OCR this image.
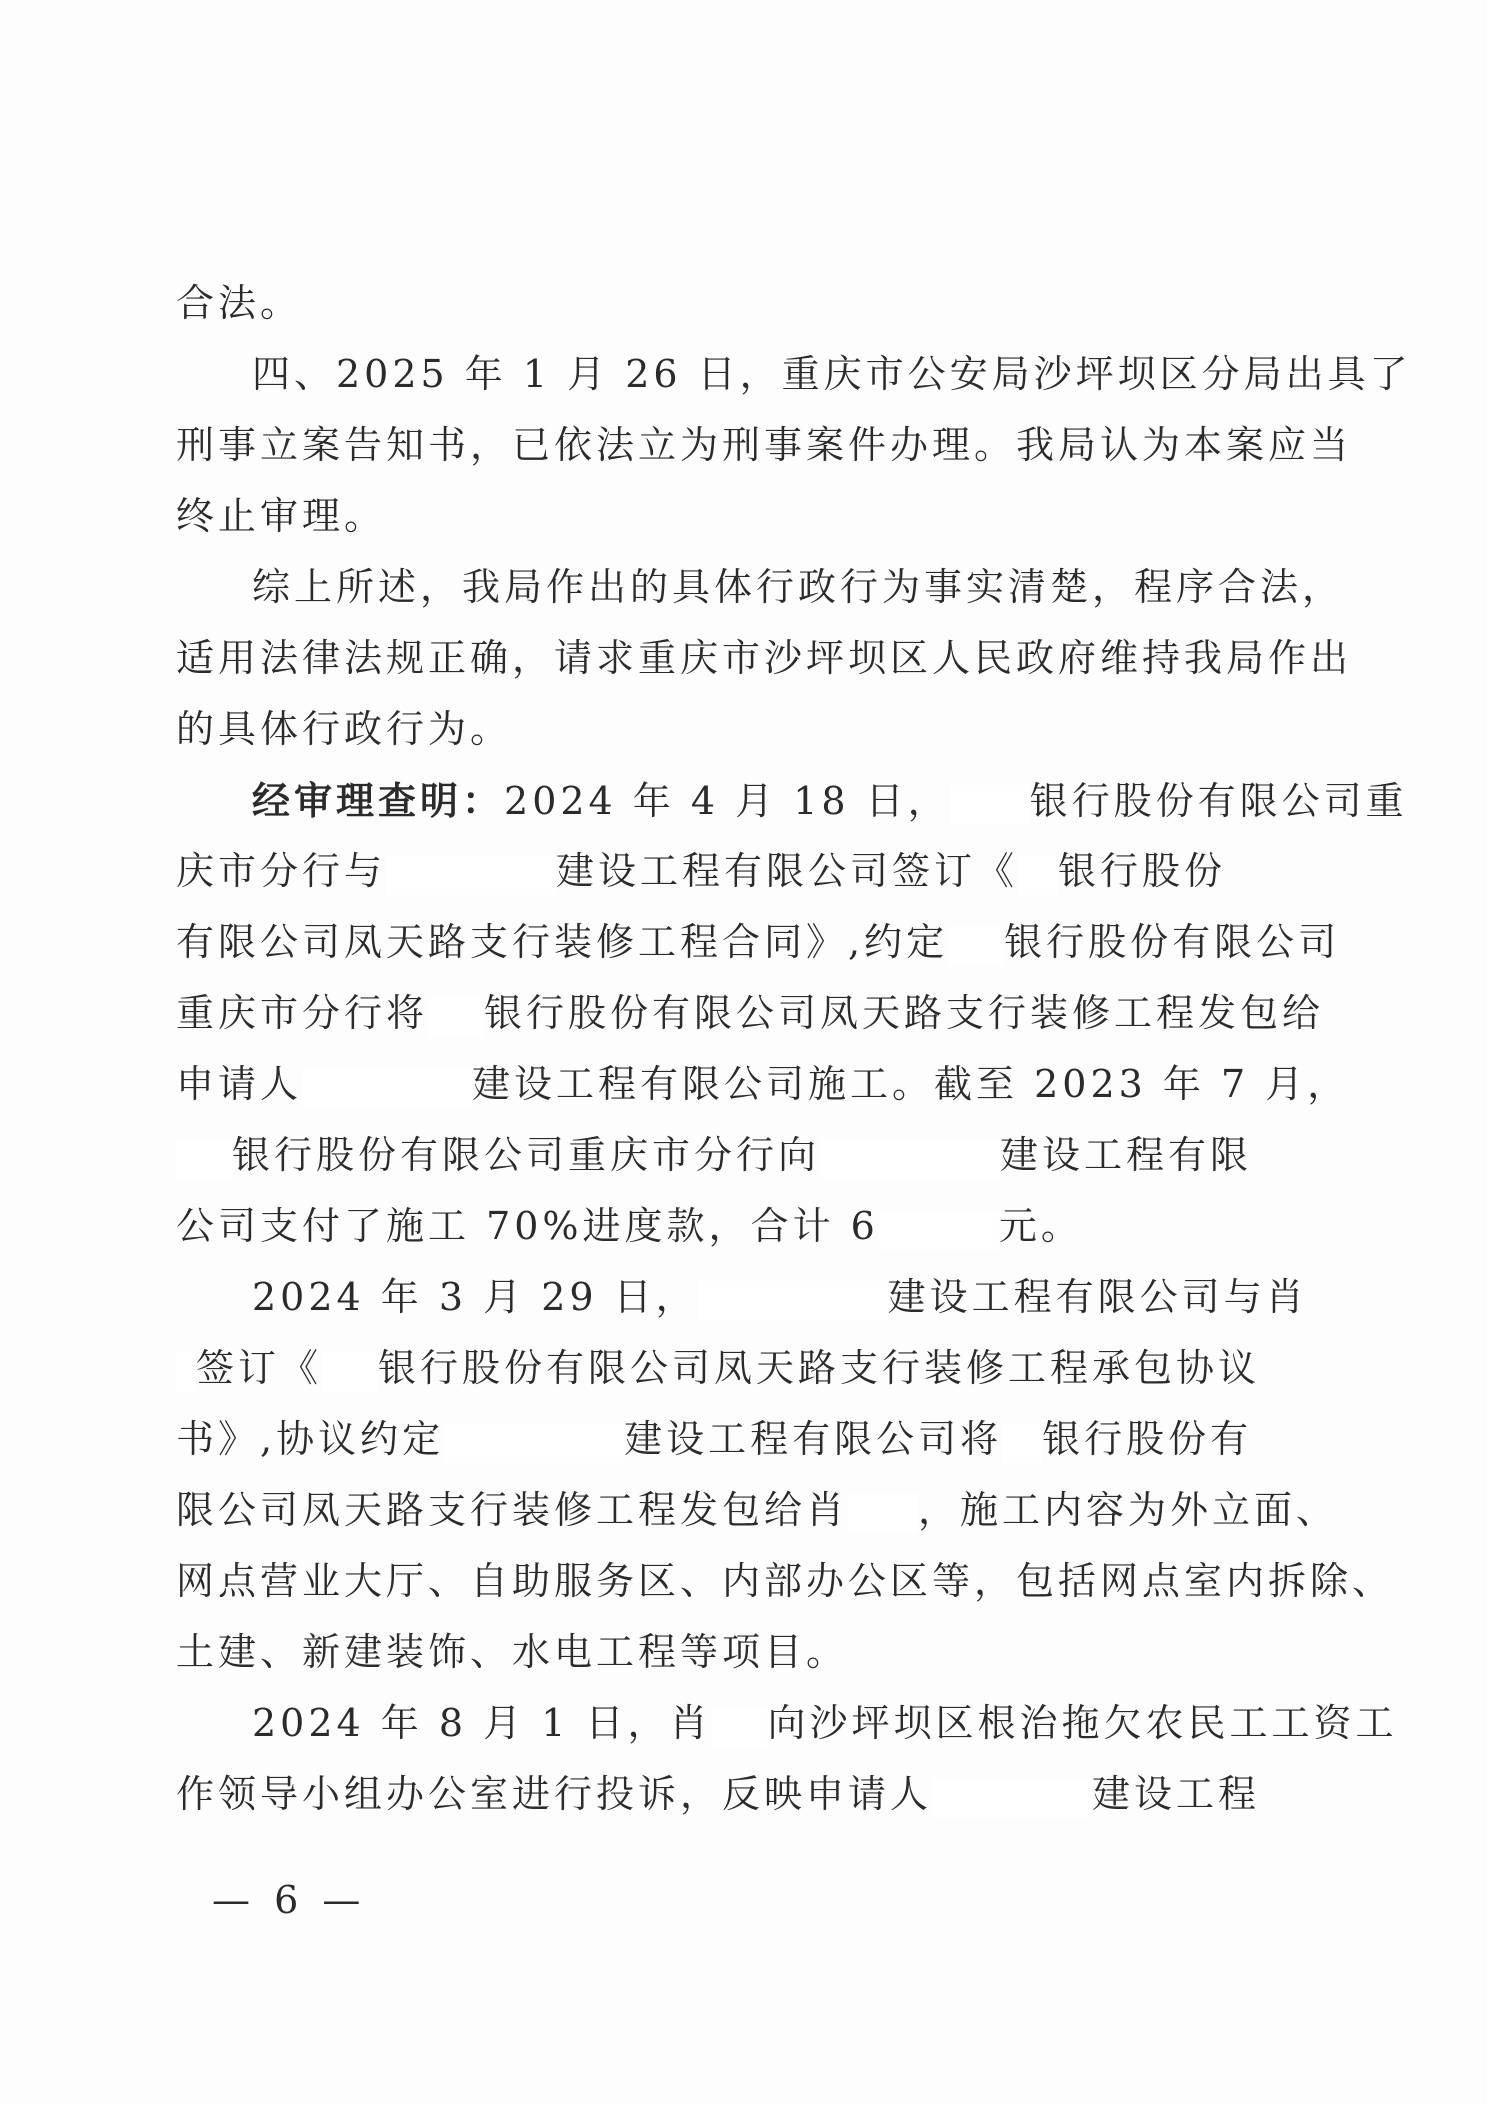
合法。
四、2025 年 1 月 26 日，重庆市公安局沙坪坝区分局出具了
刑事立案告知书，已依法立为刑事案件办理。我局认为本案应当
终止审理。
综上所述，我局作出的具体行政行为事实清楚，程序合法，
适用法律法规正确，请求重庆市沙坪坝区人民政府维持我局作出
的具体行政行为。
经审理查明：2024 年 4 月 18 日， 银行股份有限公司重
庆市分行与	建设工程有限公司签订《 银行股份
有限公司凤天路支行装修工程合同》,约定 银行股份有限公司
重庆市分行将 银行股份有限公司凤天路支行装修工程发包给
申请人	建设工程有限公司施工。截至 2023 年 7 月，
银行股份有限公司重庆市分行向	建设工程有限
公司支付了施工 70%进度款，合计 6	元。
2024 年 3 月 29 日，	建设工程有限公司与肖
签订《 银行股份有限公司凤天路支行装修工程承包协议
书》,协议约定	建设工程有限公司将 银行股份有
限公司凤天路支行装修工程发包给肖 ，施工内容为外立面、
网点营业大厅、自助服务区、内部办公区等，包括网点室内拆除、
土建、新建装饰、水电工程等项目。
2024 年 8 月 1 日，肖 向沙坪坝区根治拖欠农民工工资工
作领导小组办公室进行投诉，反映申请人	建设工程
— 6 —
